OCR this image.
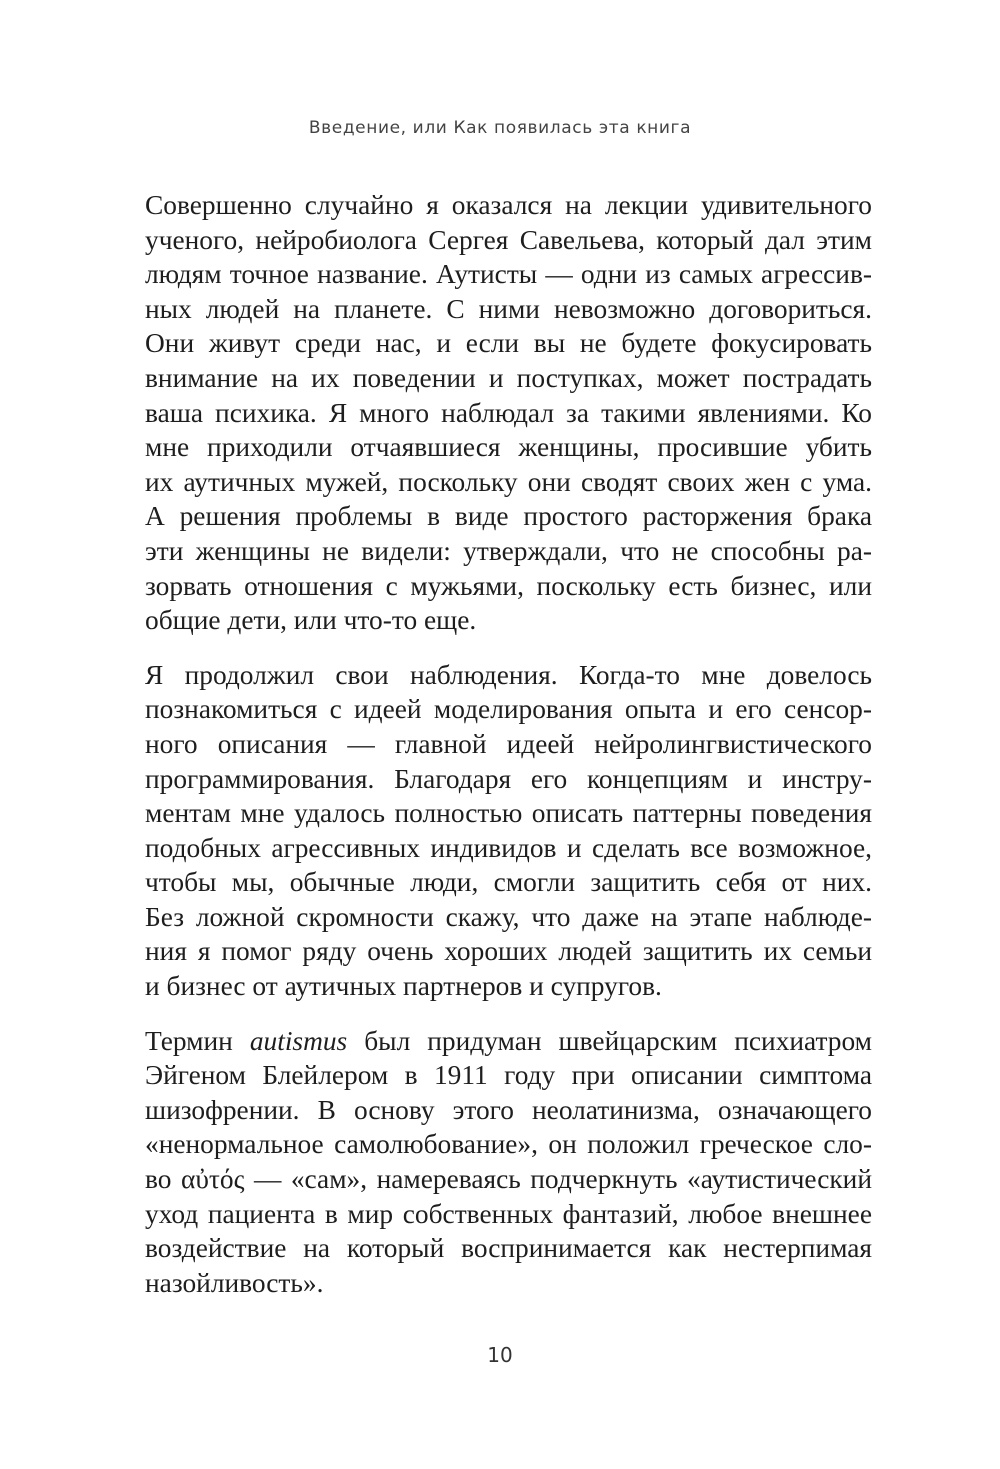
Введение, или Как появилась эта книга
Совершенно случайно я оказался на лекции удивительного
ученого, нейробиолога Сергея Савельева, который дал этим
людям точное название. Аутисты — одни из самых агрессив-
ных людей на планете. С ними невозможно договориться.
Они живут среди нас, и если вы не будете фокусировать
внимание на их поведении и поступках, может пострадать
ваша психика. Я много наблюдал за такими явлениями. Ко
мне приходили отчаявшиеся женщины, просившие убить
их аутичных мужей, поскольку они сводят своих жен с ума.
А решения проблемы в виде простого расторжения брака
эти женщины не видели: утверждали, что не способны ра-
зорвать отношения с мужьями, поскольку есть бизнес, или
общие дети, или что-то еще.
Я продолжил свои наблюдения. Когда-то мне довелось
познакомиться с идеей моделирования опыта и его сенсор-
ного описания — главной идеей нейролингвистического
программирования. Благодаря его концепциям и инстру-
ментам мне удалось полностью описать паттерны поведения
подобных агрессивных индивидов и сделать все возможное,
чтобы мы, обычные люди, смогли защитить себя от них.
Без ложной скромности скажу, что даже на этапе наблюде-
ния я помог ряду очень хороших людей защитить их семьи
и бизнес от аутичных партнеров и супругов.
Термин autismus был придуман швейцарским психиатром
Эйгеном Блейлером в 1911 году при описании симптома
шизофрении. В основу этого неолатинизма, означающего
«ненормальное самолюбование», он положил греческое сло-
во αὐτός — «сам», намереваясь подчеркнуть «аутистический
уход пациента в мир собственных фантазий, любое внешнее
воздействие на который воспринимается как нестерпимая
назойливость».
10
